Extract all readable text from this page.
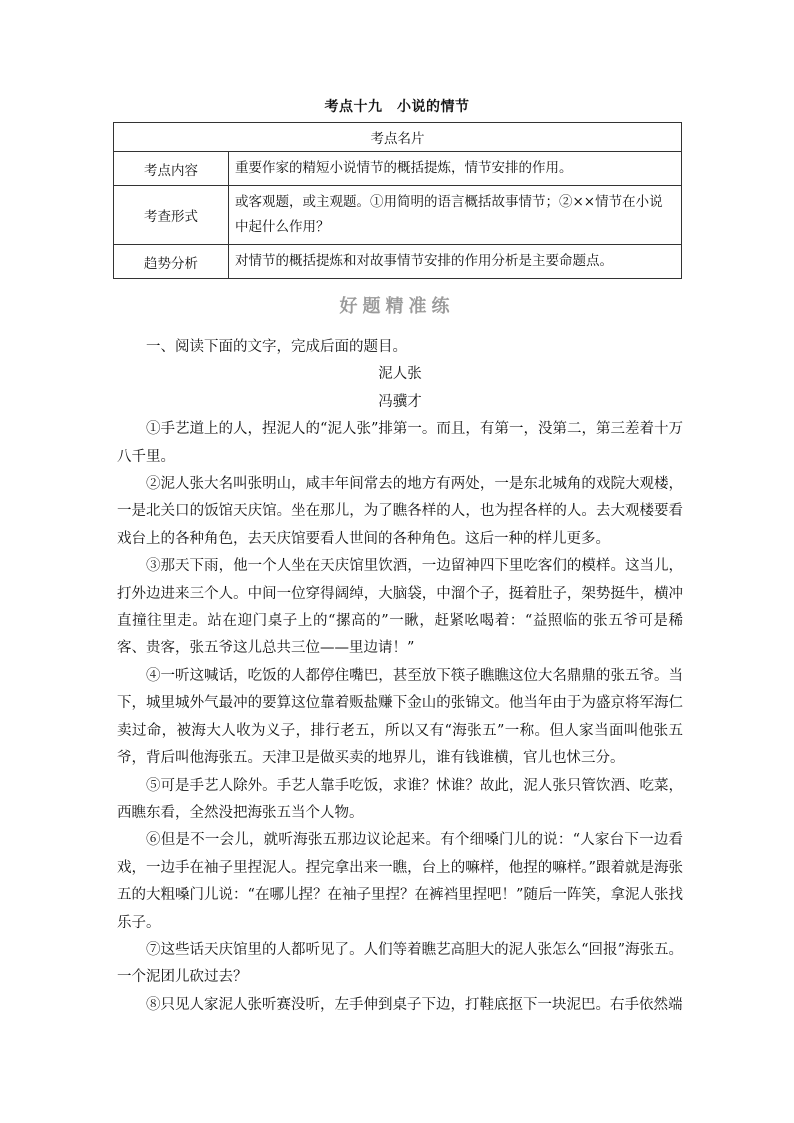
考点十九　小说的情节
考点名片	
考点内容	重要作家的精短小说情节的概括提炼，情节安排的作用。
考查形式	或客观题，或主观题。①用简明的语言概括故事情节；②××情节在小说中起什么作用？
趋势分析	对情节的概括提炼和对故事情节安排的作用分析是主要命题点。
好题精准练

一、阅读下面的文字，完成后面的题目。

泥人张

冯骥才

①手艺道上的人，捏泥人的“泥人张”排第一。而且，有第一，没第二，第三差着十万八千里。

②泥人张大名叫张明山，咸丰年间常去的地方有两处，一是东北城角的戏院大观楼，一是北关口的饭馆天庆馆。坐在那儿，为了瞧各样的人，也为捏各样的人。去大观楼要看戏台上的各种角色，去天庆馆要看人世间的各种角色。这后一种的样儿更多。

③那天下雨，他一个人坐在天庆馆里饮酒，一边留神四下里吃客们的模样。这当儿，打外边进来三个人。中间一位穿得阔绰，大脑袋，中溜个子，挺着肚子，架势挺牛，横冲直撞往里走。站在迎门桌子上的“摞高的”一瞅，赶紧吆喝着：“益照临的张五爷可是稀客、贵客，张五爷这儿总共三位——里边请！”

④一听这喊话，吃饭的人都停住嘴巴，甚至放下筷子瞧瞧这位大名鼎鼎的张五爷。当下，城里城外气最冲的要算这位靠着贩盐赚下金山的张锦文。他当年由于为盛京将军海仁卖过命，被海大人收为义子，排行老五，所以又有“海张五”一称。但人家当面叫他张五爷，背后叫他海张五。天津卫是做买卖的地界儿，谁有钱谁横，官儿也怵三分。

⑤可是手艺人除外。手艺人靠手吃饭，求谁？怵谁？故此，泥人张只管饮酒、吃菜，西瞧东看，全然没把海张五当个人物。

⑥但是不一会儿，就听海张五那边议论起来。有个细嗓门儿的说：“人家台下一边看戏，一边手在袖子里捏泥人。捏完拿出来一瞧，台上的嘛样，他捏的嘛样。”跟着就是海张五的大粗嗓门儿说：“在哪儿捏？在袖子里捏？在裤裆里捏吧！”随后一阵笑，拿泥人张找乐子。

⑦这些话天庆馆里的人都听见了。人们等着瞧艺高胆大的泥人张怎么“回报”海张五。一个泥团儿砍过去？

⑧只见人家泥人张听赛没听，左手伸到桌子下边，打鞋底抠下一块泥巴。右手依然端
